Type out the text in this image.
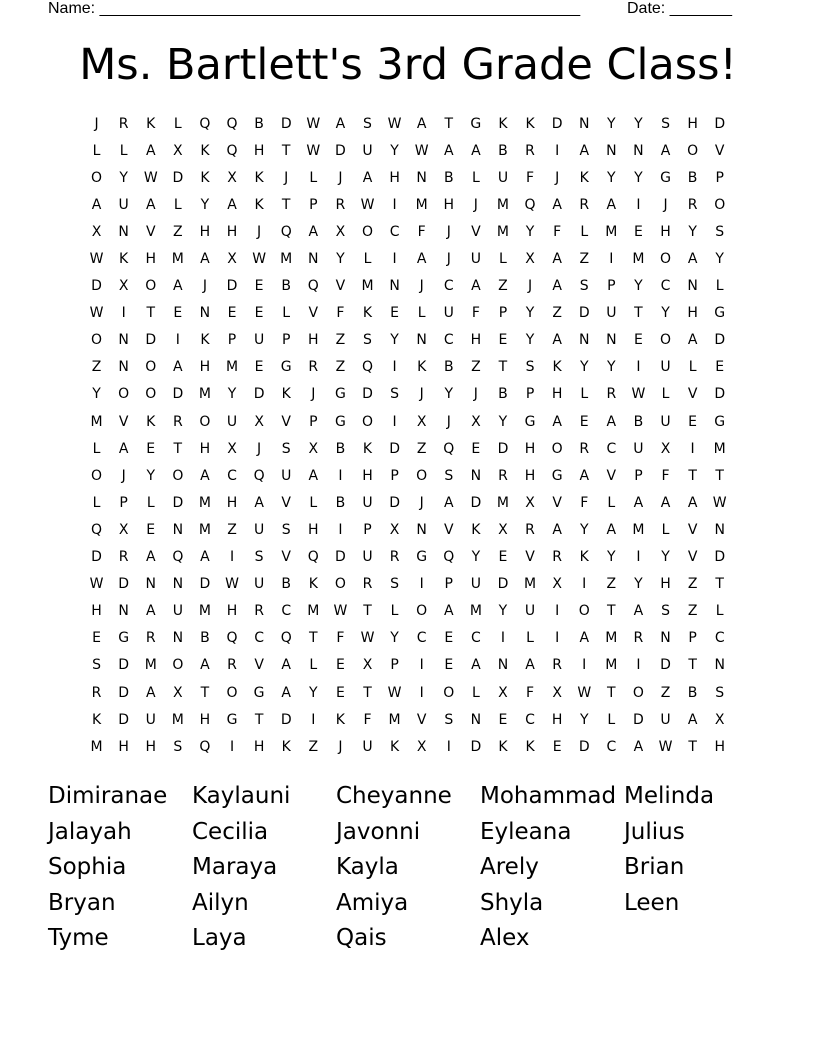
Name: ______________________________________________________	Date: _______
Ms. Bartlett's 3rd Grade Class!
J	R	K	L	Q	Q	B	D	W	A	S	W	A	T	G	K	K	D	N	Y	Y	S	H	D
L	L	A	X	K	Q	H	T	W	D	U	Y	W	A	A	B	R	I	A	N	N	A	O	V
O	Y	W	D	K	X	K	J	L	J	A	H	N	B	L	U	F	J	K	Y	Y	G	B	P
A	U	A	L	Y	A	K	T	P	R	W	I	M	H	J	M	Q	A	R	A	I	J	R	O
X	N	V	Z	H	H	J	Q	A	X	O	C	F	J	V	M	Y	F	L	M	E	H	Y	S
W	K	H	M	A	X	W	M	N	Y	L	I	A	J	U	L	X	A	Z	I	M	O	A	Y
D	X	O	A	J	D	E	B	Q	V	M	N	J	C	A	Z	J	A	S	P	Y	C	N	L
W	I	T	E	N	E	E	L	V	F	K	E	L	U	F	P	Y	Z	D	U	T	Y	H	G
O	N	D	I	K	P	U	P	H	Z	S	Y	N	C	H	E	Y	A	N	N	E	O	A	D
Z	N	O	A	H	M	E	G	R	Z	Q	I	K	B	Z	T	S	K	Y	Y	I	U	L	E
Y	O	O	D	M	Y	D	K	J	G	D	S	J	Y	J	B	P	H	L	R	W	L	V	D
M	V	K	R	O	U	X	V	P	G	O	I	X	J	X	Y	G	A	E	A	B	U	E	G
L	A	E	T	H	X	J	S	X	B	K	D	Z	Q	E	D	H	O	R	C	U	X	I	M
O	J	Y	O	A	C	Q	U	A	I	H	P	O	S	N	R	H	G	A	V	P	F	T	T
L	P	L	D	M	H	A	V	L	B	U	D	J	A	D	M	X	V	F	L	A	A	A	W
Q	X	E	N	M	Z	U	S	H	I	P	X	N	V	K	X	R	A	Y	A	M	L	V	N
D	R	A	Q	A	I	S	V	Q	D	U	R	G	Q	Y	E	V	R	K	Y	I	Y	V	D
W	D	N	N	D	W	U	B	K	O	R	S	I	P	U	D	M	X	I	Z	Y	H	Z	T
H	N	A	U	M	H	R	C	M	W	T	L	O	A	M	Y	U	I	O	T	A	S	Z	L
E	G	R	N	B	Q	C	Q	T	F	W	Y	C	E	C	I	L	I	A	M	R	N	P	C
S	D	M	O	A	R	V	A	L	E	X	P	I	E	A	N	A	R	I	M	I	D	T	N
R	D	A	X	T	O	G	A	Y	E	T	W	I	O	L	X	F	X	W	T	O	Z	B	S
K	D	U	M	H	G	T	D	I	K	F	M	V	S	N	E	C	H	Y	L	D	U	A	X
M	H	H	S	Q	I	H	K	Z	J	U	K	X	I	D	K	K	E	D	C	A	W	T	H
Dimiranae	Kaylauni	Cheyanne	Mohammad Melinda
Jalayah	Cecilia	Javonni	Eyleana	Julius
Sophia	Maraya	Kayla	Arely	Brian
Bryan	Ailyn	Amiya	Shyla	Leen
Tyme	Laya	Qais	Alex
